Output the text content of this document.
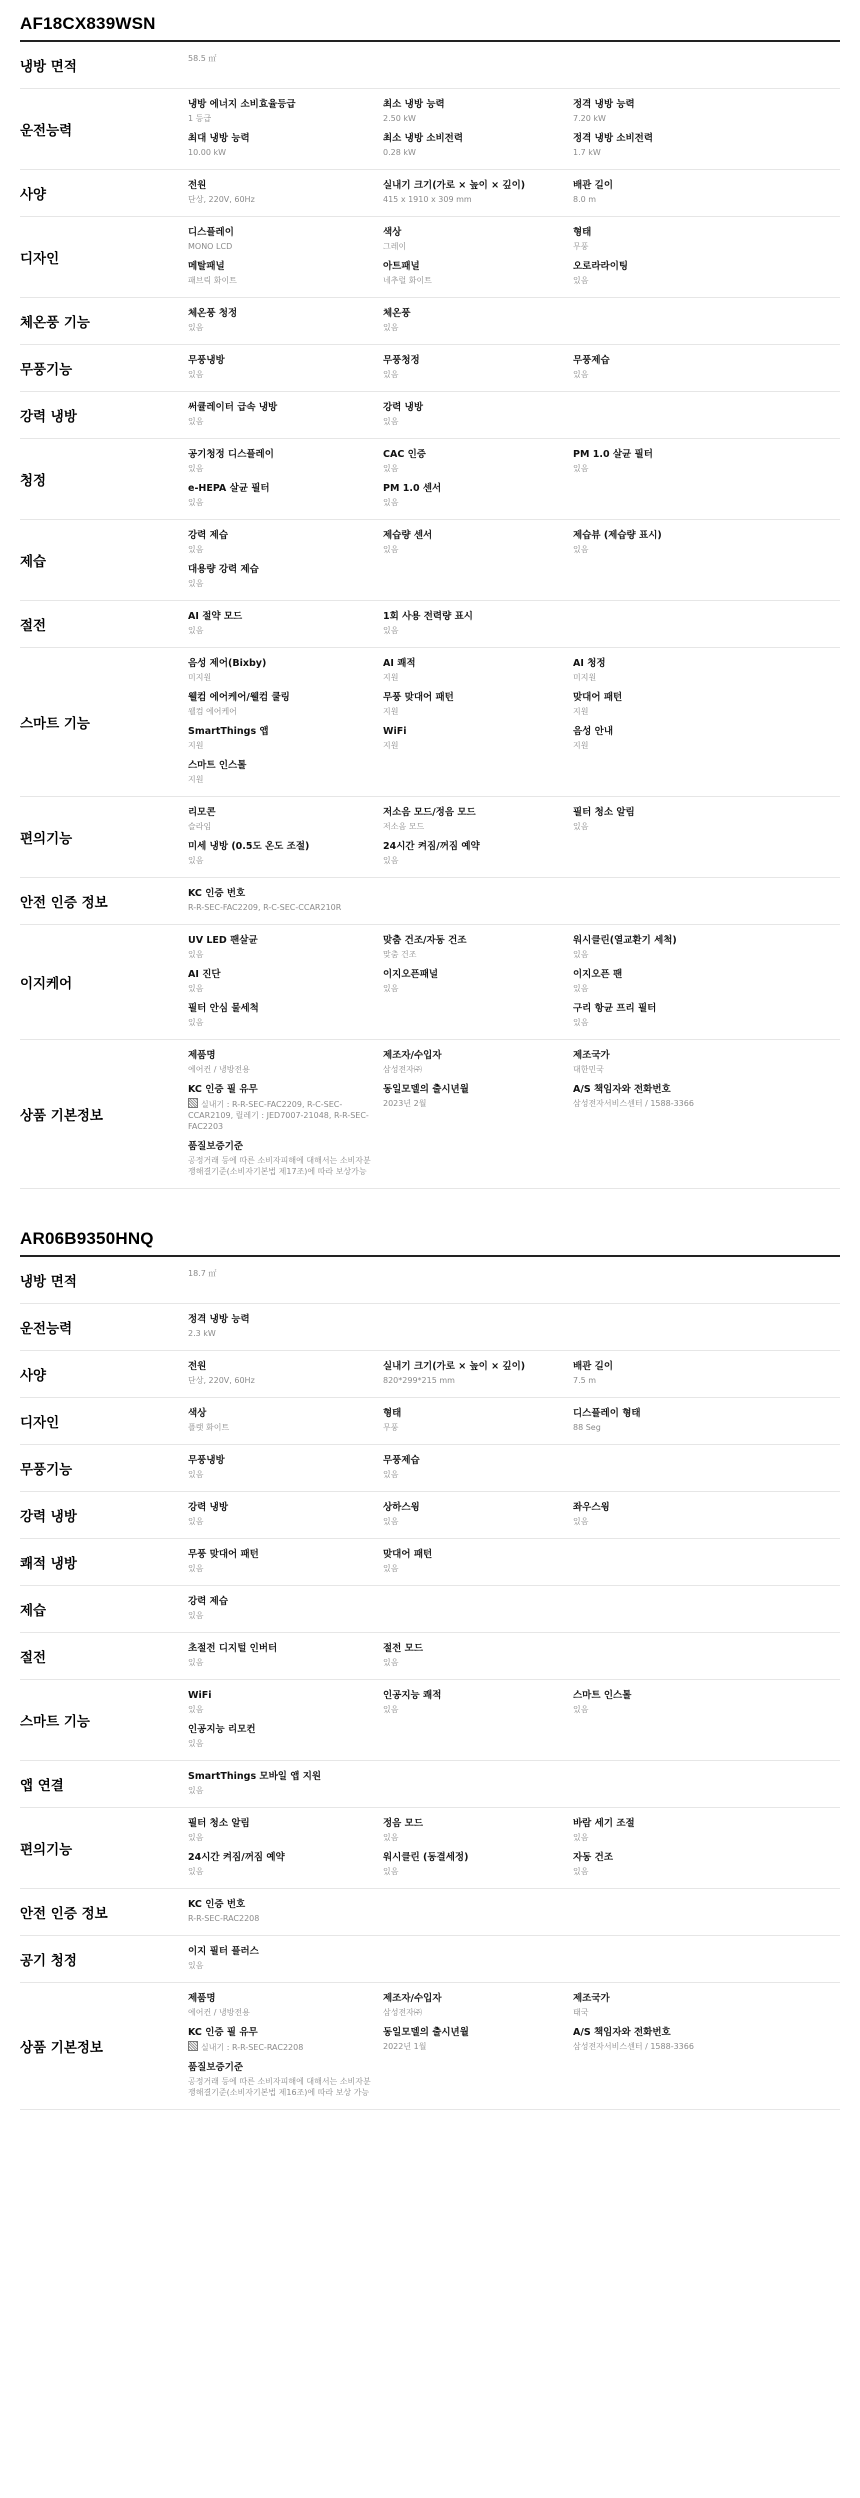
AF18CX839WSN
냉방 면적
58.5 ㎡
운전능력
냉방 에너지 소비효율등급
1 등급
최소 냉방 능력
2.50 kW
정격 냉방 능력
7.20 kW
최대 냉방 능력
10.00 kW
최소 냉방 소비전력
0.28 kW
정격 냉방 소비전력
1.7 kW
사양
전원
단상, 220V, 60Hz
실내기 크기(가로 × 높이 × 깊이)
415 x 1910 x 309 mm
배관 길이
8.0 m
디자인
디스플레이
MONO LCD
색상
그레이
형태
무풍
메탈패널
패브릭 화이트
아트패널
네추럴 화이트
오로라라이팅
있음
체온풍 기능
체온풍 청정
있음
체온풍
있음
무풍기능
무풍냉방
있음
무풍청정
있음
무풍제습
있음
강력 냉방
써큘레이터 급속 냉방
있음
강력 냉방
있음
청정
공기청정 디스플레이
있음
CAC 인증
있음
PM 1.0 살균 필터
있음
e-HEPA 살균 필터
있음
PM 1.0 센서
있음
제습
강력 제습
있음
제습량 센서
있음
제습뷰 (제습량 표시)
있음
대용량 강력 제습
있음
절전
AI 절약 모드
있음
1회 사용 전력량 표시
있음
스마트 기능
음성 제어(Bixby)
미지원
AI 쾌적
지원
AI 청정
미지원
웰컴 에어케어/웰컴 쿨링
웰컴 에어케어
무풍 맞대어 패턴
지원
맞대어 패턴
지원
SmartThings 앱
지원
WiFi
지원
음성 안내
지원
스마트 인스톨
지원
편의기능
리모콘
슬라임
저소음 모드/정음 모드
저소음 모드
필터 청소 알림
있음
미세 냉방 (0.5도 온도 조절)
있음
24시간 켜짐/꺼짐 예약
있음
안전 인증 정보
KC 인증 번호
R-R-SEC-FAC2209, R-C-SEC-CCAR210R
이지케어
UV LED 팬살균
있음
맞춤 건조/자동 건조
맞춤 건조
워시클린(열교환기 세척)
있음
AI 진단
있음
이지오픈패널
있음
이지오픈 팬
있음
필터 안심 물세척
있음
구리 항균 프리 필터
있음
상품 기본정보
제품명
에어컨 / 냉방전용
제조자/수입자
삼성전자㈜
제조국가
대한민국
KC 인증 필 유무
실내기 : R-R-SEC-FAC2209, R-C-SEC-CCAR2109, 릴레기 : JED7007-21048, R-R-SEC-FAC2203
동일모델의 출시년월
2023년 2월
A/S 책임자와 전화번호
삼성전자서비스센터 / 1588-3366
품질보증기준
공정거래 등에 따른 소비자피해에 대해서는 소비자분쟁해결기준(소비자기본법 제17조)에 따라 보상가능
AR06B9350HNQ
냉방 면적
18.7 ㎡
운전능력
정격 냉방 능력
2.3 kW
사양
전원
단상, 220V, 60Hz
실내기 크기(가로 × 높이 × 깊이)
820*299*215 mm
배관 길이
7.5 m
디자인
색상
플랫 화이트
형태
무풍
디스플레이 형태
88 Seg
무풍기능
무풍냉방
있음
무풍제습
있음
강력 냉방
강력 냉방
있음
상하스윙
있음
좌우스윙
있음
쾌적 냉방
무풍 맞대어 패턴
있음
맞대어 패턴
있음
제습
강력 제습
있음
절전
초절전 디지털 인버터
있음
절전 모드
있음
스마트 기능
WiFi
있음
인공지능 쾌적
있음
스마트 인스톨
있음
인공지능 리모컨
있음
앱 연결
SmartThings 모바일 앱 지원
있음
편의기능
필터 청소 알림
있음
정음 모드
있음
바람 세기 조절
있음
24시간 켜짐/꺼짐 예약
있음
워시클린 (동결세정)
있음
자동 건조
있음
안전 인증 정보
KC 인증 번호
R-R-SEC-RAC2208
공기 청정
이지 필터 플러스
있음
상품 기본정보
제품명
에어컨 / 냉방전용
제조자/수입자
삼성전자㈜
제조국가
태국
KC 인증 필 유무
실내기 : R-R-SEC-RAC2208
동일모델의 출시년월
2022년 1월
A/S 책임자와 전화번호
삼성전자서비스센터 / 1588-3366
품질보증기준
공정거래 등에 따른 소비자피해에 대해서는 소비자분쟁해결기준(소비자기본법 제16조)에 따라 보상 가능
